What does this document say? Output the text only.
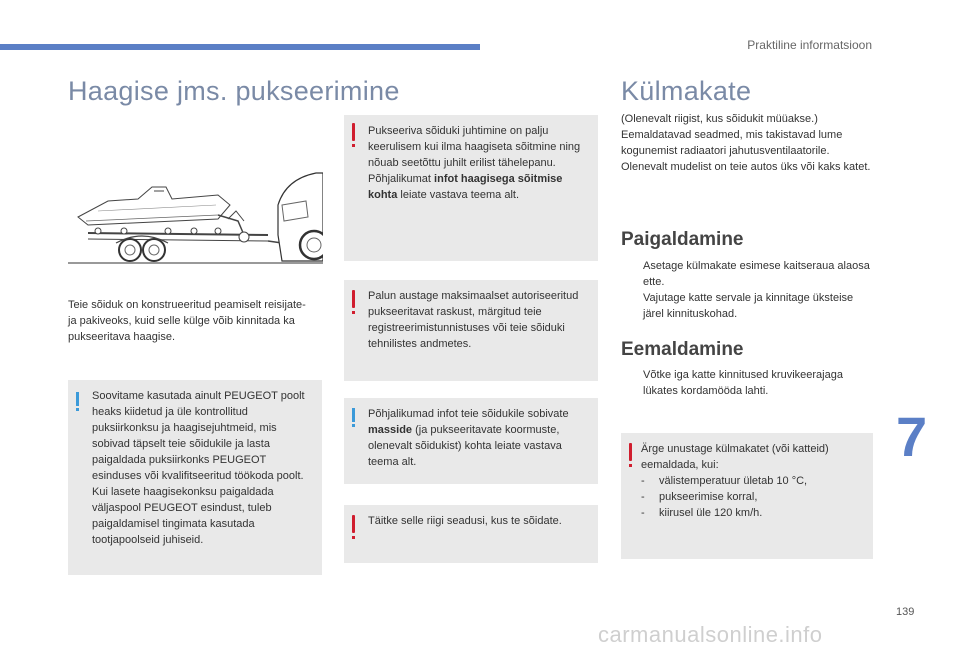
Praktiline informatsioon
Haagise jms. pukseerimine
Teie sõiduk on konstrueeritud peamiselt reisijate- ja pakiveoks, kuid selle külge võib kinnitada ka pukseeritava haagise.
Soovitame kasutada ainult PEUGEOT poolt heaks kiidetud ja üle kontrollitud puksiirkonksu ja haagisejuhtmeid, mis sobivad täpselt teie sõidukile ja lasta paigaldada puksiirkonks PEUGEOT esinduses või kvalifitseeritud töökoda poolt. Kui lasete haagisekonksu paigaldada väljaspool PEUGEOT esindust, tuleb paigaldamisel tingimata kasutada tootjapoolseid juhiseid.
Pukseeriva sõiduki juhtimine on palju keerulisem kui ilma haagiseta sõitmine ning nõuab seetõttu juhilt erilist tähelepanu.
Põhjalikumat infot haagisega sõitmise kohta leiate vastava teema alt.
Palun austage maksimaalset autoriseeritud pukseeritavat raskust, märgitud teie registreerimistunnistuses või teie sõiduki tehnilistes andmetes.
Põhjalikumad infot teie sõidukile sobivate masside (ja pukseeritavate koormuste, olenevalt sõidukist) kohta leiate vastava teema alt.
Täitke selle riigi seadusi, kus te sõidate.
Külmakate
(Olenevalt riigist, kus sõidukit müüakse.) Eemaldatavad seadmed, mis takistavad lume kogunemist radiaatori jahutusventilaatorile. Olenevalt mudelist on teie autos üks või kaks katet.
Paigaldamine
Asetage külmakate esimese kaitseraua alaosa ette.
Vajutage katte servale ja kinnitage üksteise järel kinnituskohad.
Eemaldamine
Võtke iga katte kinnitused kruvikeerajaga lükates kordamööda lahti.
Ärge unustage külmakatet (või katteid) eemaldada, kui:
- välistemperatuur ületab 10 °C,
- pukseerimise korral,
- kiirusel üle 120 km/h.
7
139
carmanualsonline.info
